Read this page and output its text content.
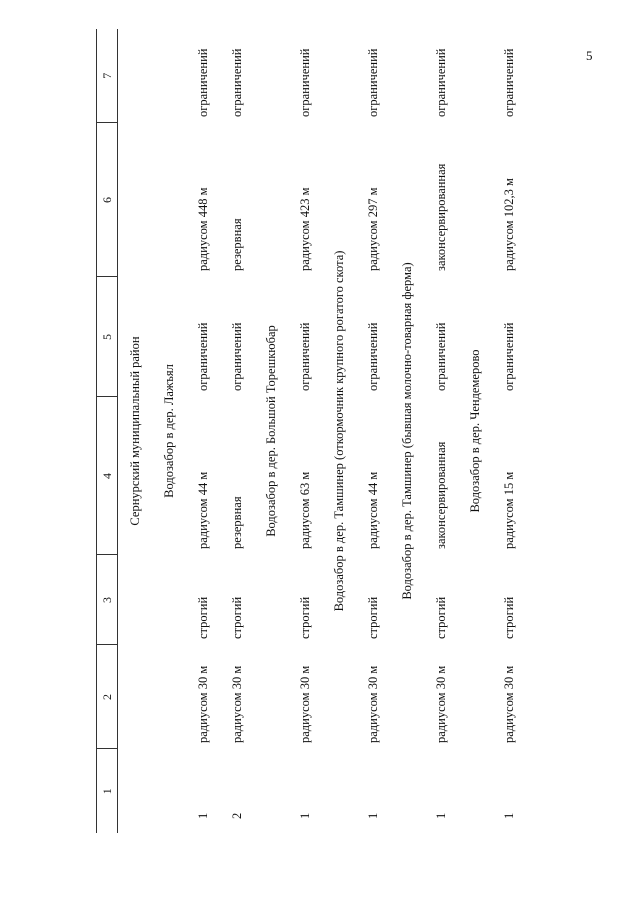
5
1	2	3	4	5	6	7
Сернурский муниципальный район						
Водозабор в дер. Лажъял						
1	радиусом 30 м	строгий	радиусом 44 м	ограничений	радиусом 448 м	ограничений
2	радиусом 30 м	строгий	резервная	ограничений	резервная	ограничений
Водозабор в дер. Большой Торешкюбар						
1	радиусом 30 м	строгий	радиусом 63 м	ограничений	радиусом 423 м	ограничений
Водозабор в дер. Тамшинер (откормочник крупного рогатого скота)						
1	радиусом 30 м	строгий	радиусом 44 м	ограничений	радиусом 297 м	ограничений
Водозабор в дер. Тамшинер (бывшая молочно-товарная ферма)						
1	радиусом 30 м	строгий	законсервированная	ограничений	законсервированная	ограничений
Водозабор в дер. Чендемерово						
1	радиусом 30 м	строгий	радиусом 15 м	ограничений	радиусом 102,3 м	ограничений
